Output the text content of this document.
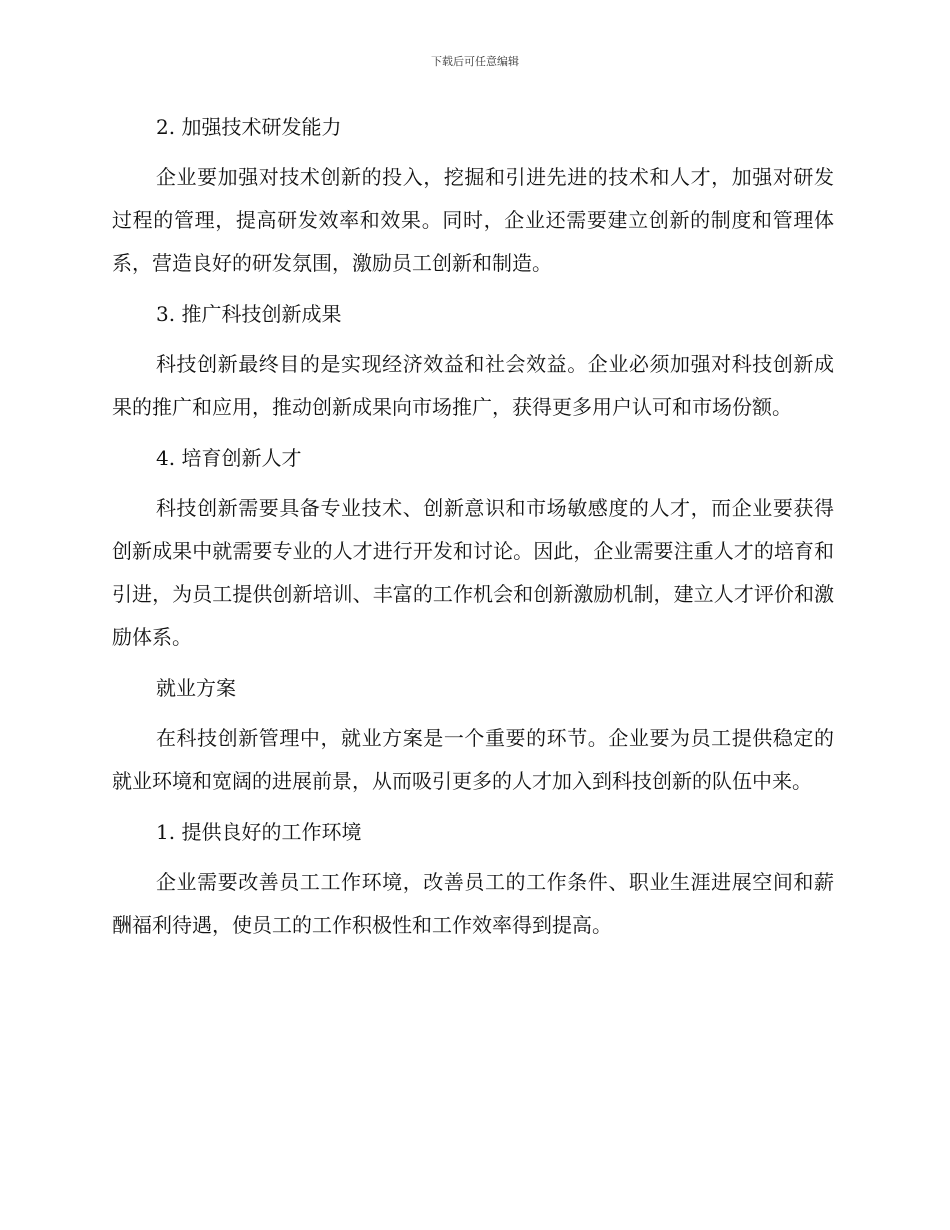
下载后可任意编辑
2. 加强技术研发能力

企业要加强对技术创新的投入，挖掘和引进先进的技术和人才，加强对研发过程的管理，提高研发效率和效果。同时，企业还需要建立创新的制度和管理体系，营造良好的研发氛围，激励员工创新和制造。

3. 推广科技创新成果

科技创新最终目的是实现经济效益和社会效益。企业必须加强对科技创新成果的推广和应用，推动创新成果向市场推广，获得更多用户认可和市场份额。

4. 培育创新人才

科技创新需要具备专业技术、创新意识和市场敏感度的人才，而企业要获得创新成果中就需要专业的人才进行开发和讨论。因此，企业需要注重人才的培育和引进，为员工提供创新培训、丰富的工作机会和创新激励机制，建立人才评价和激励体系。

就业方案

在科技创新管理中，就业方案是一个重要的环节。企业要为员工提供稳定的就业环境和宽阔的进展前景，从而吸引更多的人才加入到科技创新的队伍中来。

1. 提供良好的工作环境

企业需要改善员工工作环境，改善员工的工作条件、职业生涯进展空间和薪酬福利待遇，使员工的工作积极性和工作效率得到提高。
